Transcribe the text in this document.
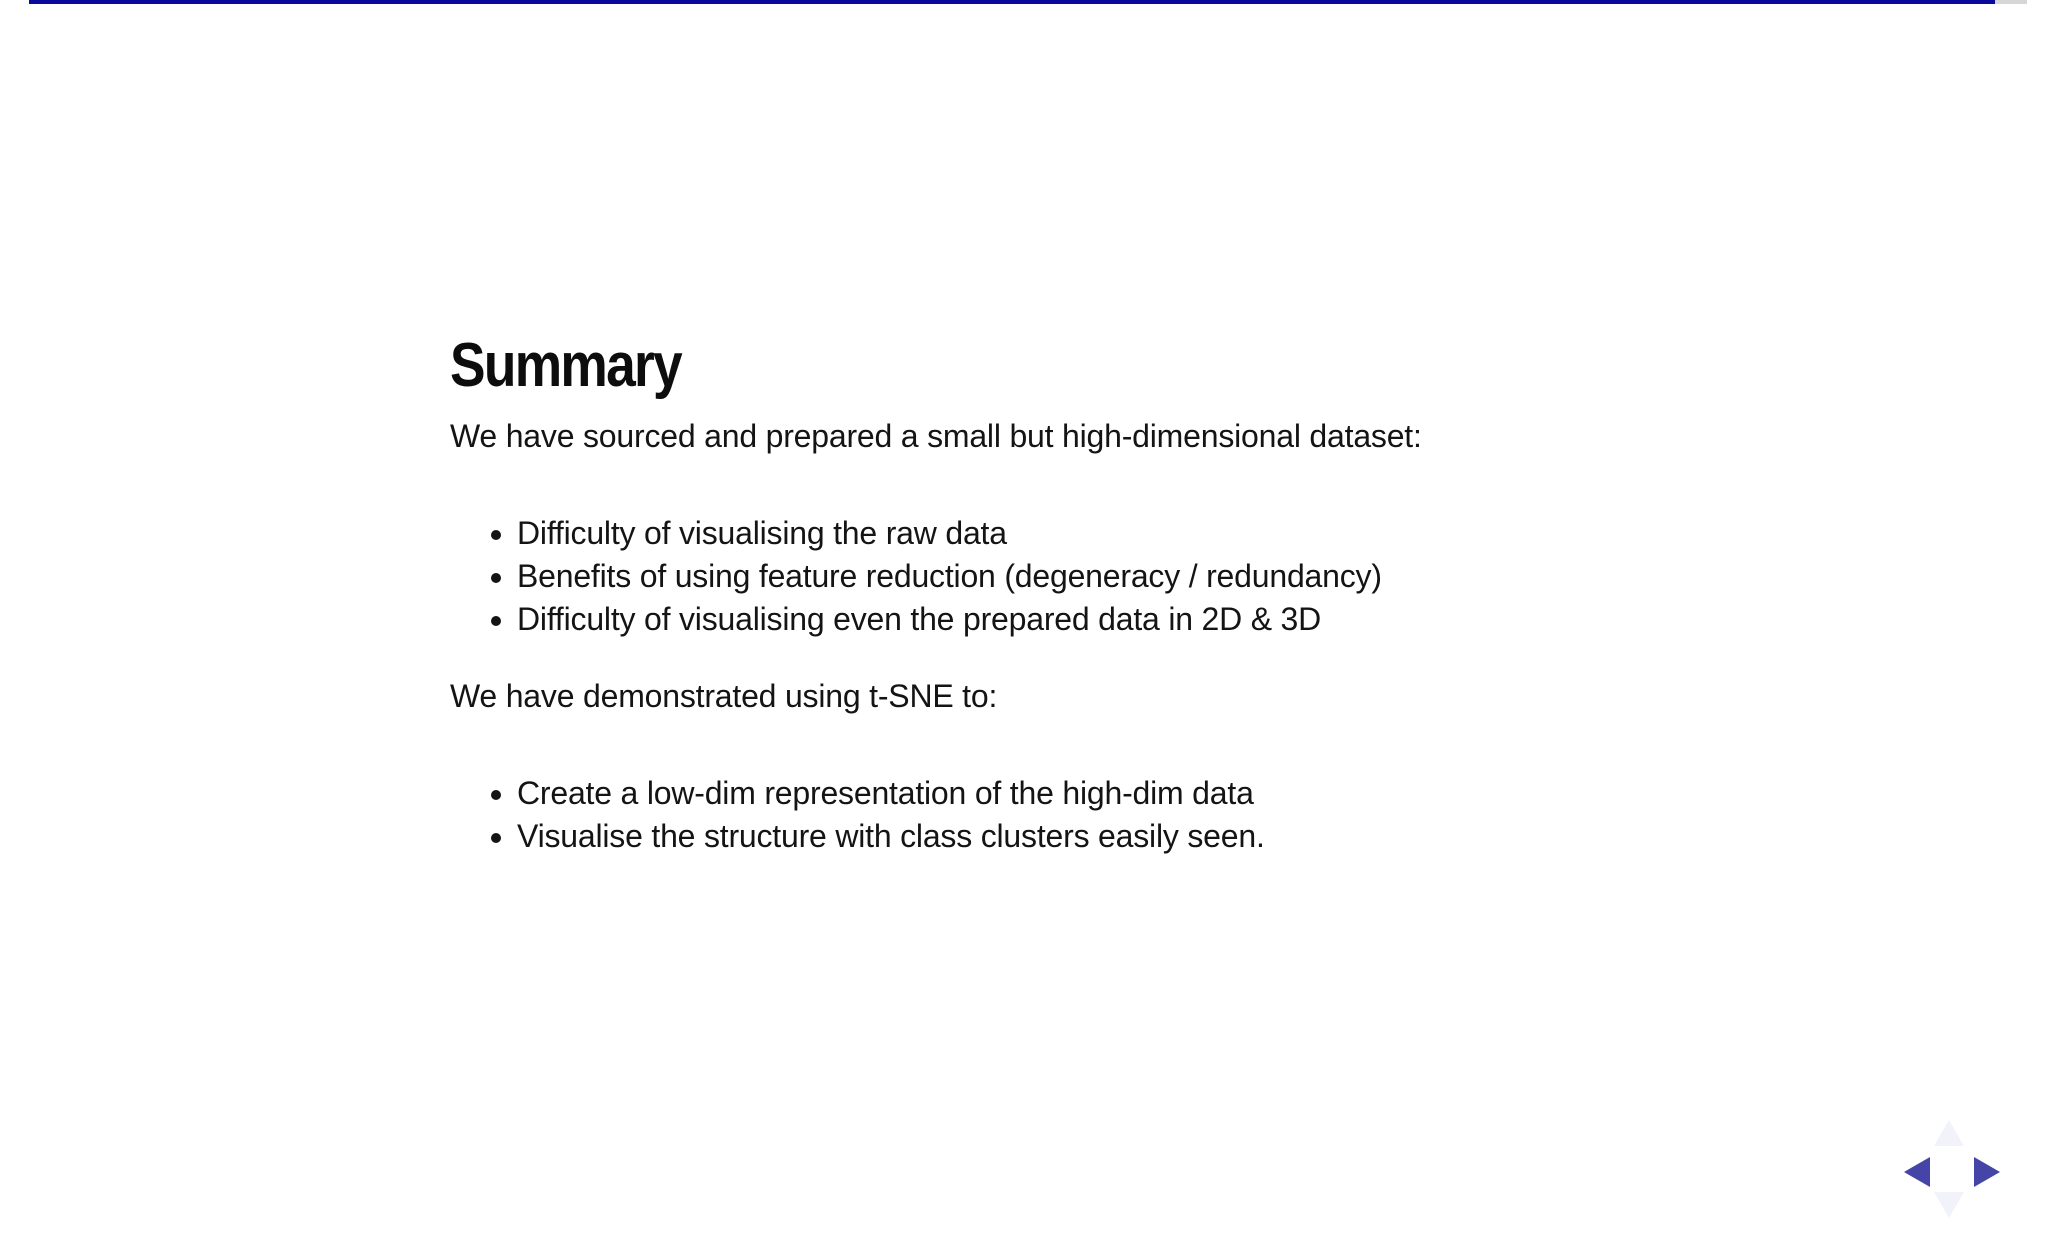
Summary

We have sourced and prepared a small but high-dimensional dataset:

• Difficulty of visualising the raw data
• Benefits of using feature reduction (degeneracy / redundancy)
• Difficulty of visualising even the prepared data in 2D & 3D

We have demonstrated using t-SNE to:

• Create a low-dim representation of the high-dim data
• Visualise the structure with class clusters easily seen.
